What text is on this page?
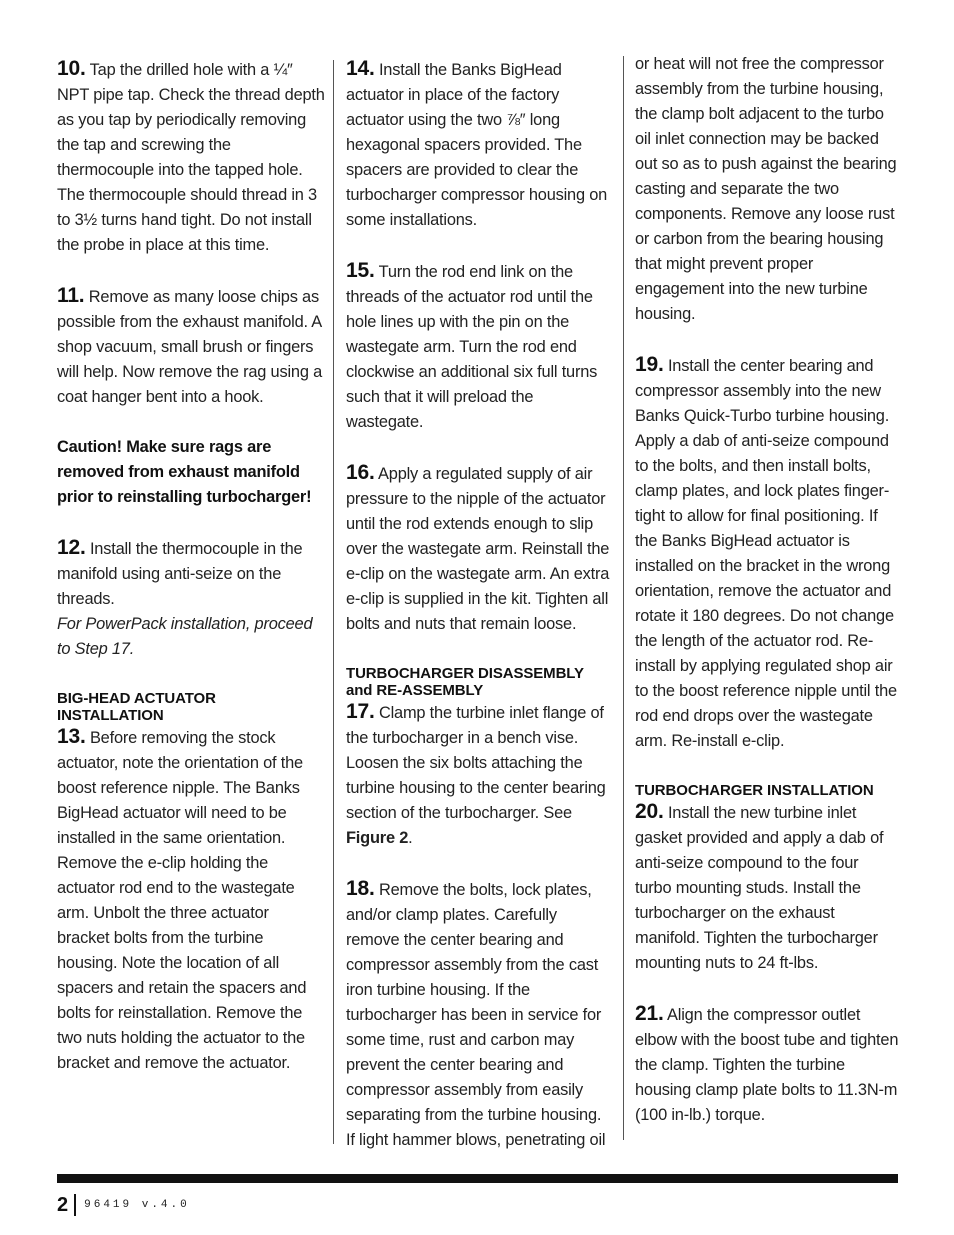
10. Tap the drilled hole with a ¼″ NPT pipe tap. Check the thread depth as you tap by periodically removing the tap and screwing the thermocouple into the tapped hole. The thermocouple should thread in 3 to 3½ turns hand tight. Do not install the probe in place at this time.

11. Remove as many loose chips as possible from the exhaust manifold. A shop vacuum, small brush or fingers will help. Now remove the rag using a coat hanger bent into a hook.

Caution! Make sure rags are removed from exhaust manifold prior to reinstalling turbocharger!

12. Install the thermocouple in the manifold using anti-seize on the threads.

For PowerPack installation, proceed to Step 17.

BIG-HEAD ACTUATOR INSTALLATION

13. Before removing the stock actuator, note the orientation of the boost reference nipple. The Banks BigHead actuator will need to be installed in the same orientation. Remove the e-clip holding the actuator rod end to the wastegate arm. Unbolt the three actuator bracket bolts from the turbine housing. Note the location of all spacers and retain the spacers and bolts for reinstallation. Remove the two nuts holding the actuator to the bracket and remove the actuator.

14. Install the Banks BigHead actuator in place of the factory actuator using the two ⅞″ long hexagonal spacers provided. The spacers are provided to clear the turbocharger compressor housing on some installations.

15. Turn the rod end link on the threads of the actuator rod until the hole lines up with the pin on the wastegate arm. Turn the rod end clockwise an additional six full turns such that it will preload the wastegate.

16. Apply a regulated supply of air pressure to the nipple of the actuator until the rod extends enough to slip over the wastegate arm. Reinstall the e-clip on the wastegate arm. An extra e-clip is supplied in the kit. Tighten all bolts and nuts that remain loose.

TURBOCHARGER DISASSEMBLY and RE-ASSEMBLY

17. Clamp the turbine inlet flange of the turbocharger in a bench vise. Loosen the six bolts attaching the turbine housing to the center bearing section of the turbocharger. See Figure 2.

18. Remove the bolts, lock plates, and/or clamp plates. Carefully remove the center bearing and compressor assembly from the cast iron turbine housing. If the turbocharger has been in service for some time, rust and carbon may prevent the center bearing and compressor assembly from easily separating from the turbine housing. If light hammer blows, penetrating oil

or heat will not free the compressor assembly from the turbine housing, the clamp bolt adjacent to the turbo oil inlet connection may be backed out so as to push against the bearing casting and separate the two components. Remove any loose rust or carbon from the bearing housing that might prevent proper engagement into the new turbine housing.

19. Install the center bearing and compressor assembly into the new Banks Quick-Turbo turbine housing. Apply a dab of anti-seize compound to the bolts, and then install bolts, clamp plates, and lock plates finger-tight to allow for final positioning. If the Banks BigHead actuator is installed on the bracket in the wrong orientation, remove the actuator and rotate it 180 degrees. Do not change the length of the actuator rod. Re-install by applying regulated shop air to the boost reference nipple until the rod end drops over the wastegate arm. Re-install e-clip.

TURBOCHARGER INSTALLATION

20. Install the new turbine inlet gasket provided and apply a dab of anti-seize compound to the four turbo mounting studs. Install the turbocharger on the exhaust manifold. Tighten the turbocharger mounting nuts to 24 ft-lbs.

21. Align the compressor outlet elbow with the boost tube and tighten the clamp. Tighten the turbine housing clamp plate bolts to 11.3N-m (100 in-lb.) torque.

2 96419 v.4.0
